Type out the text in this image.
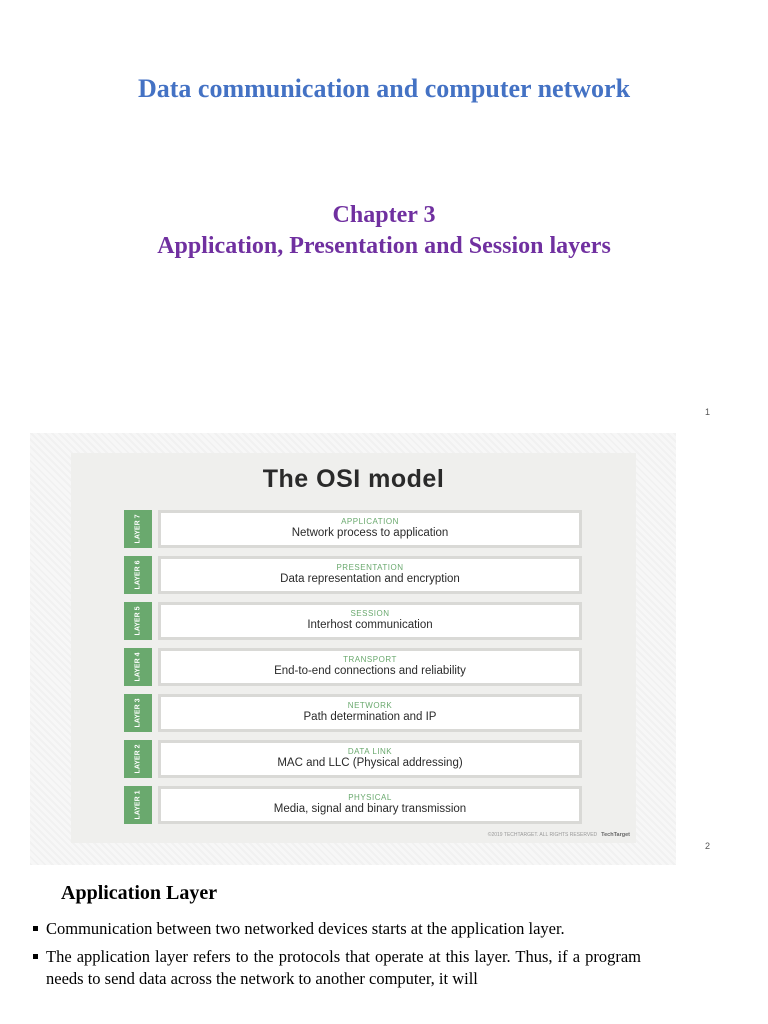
Data communication and computer network
Chapter 3
Application, Presentation and Session layers
1
The OSI model
LAYER 7	APPLICATION
Network process to application
LAYER 6	PRESENTATION
Data representation and encryption
LAYER 5	SESSION
Interhost communication
LAYER 4	TRANSPORT
End-to-end connections and reliability
LAYER 3	NETWORK
Path determination and IP
LAYER 2	DATA LINK
MAC and LLC (Physical addressing)
LAYER 1	PHYSICAL
Media, signal and binary transmission
©2019 TECHTARGET. ALL RIGHTS RESERVED TechTarget
2
Application Layer
Communication between two networked devices starts at the application layer.
The application layer refers to the protocols that operate at this layer. Thus, if a program needs to send data across the network to another computer, it will
